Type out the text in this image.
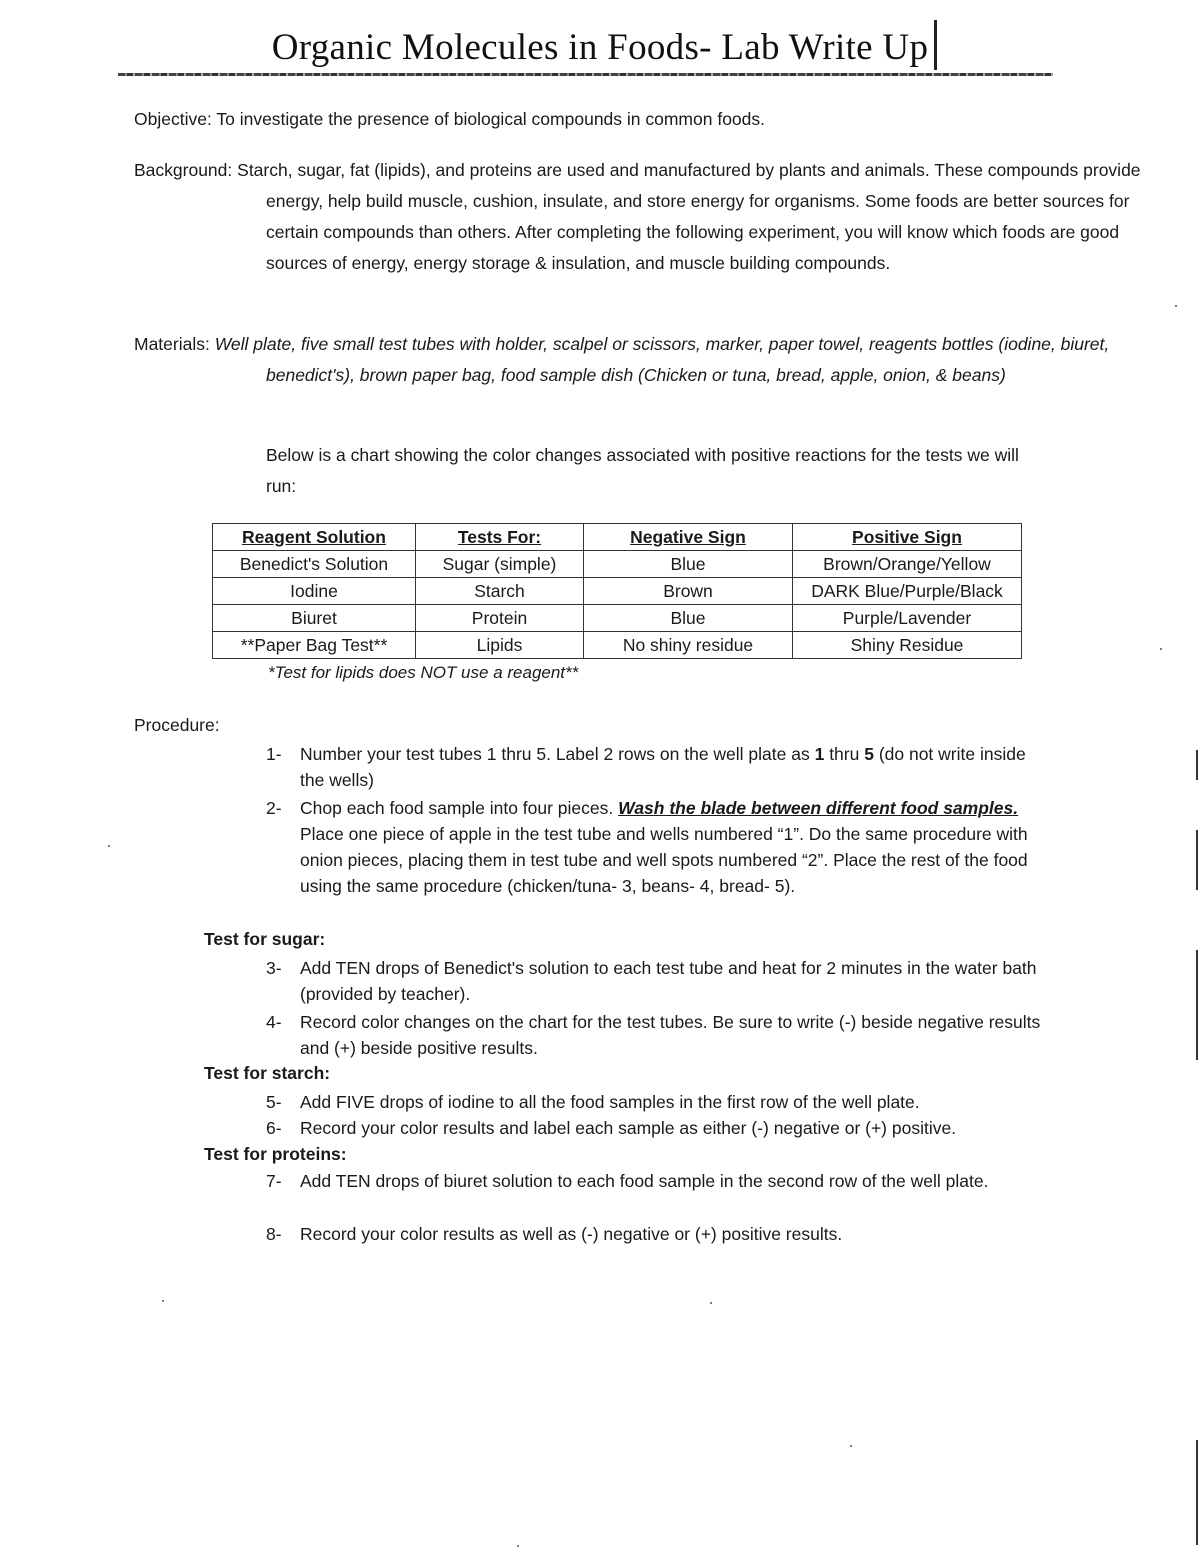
Organic Molecules in Foods- Lab Write Up

Objective: To investigate the presence of biological compounds in common foods.

Background: Starch, sugar, fat (lipids), and proteins are used and manufactured by plants and animals. These compounds provide energy, help build muscle, cushion, insulate, and store energy for organisms. Some foods are better sources for certain compounds than others. After completing the following experiment, you will know which foods are good sources of energy, energy storage & insulation, and muscle building compounds.

Materials: Well plate, five small test tubes with holder, scalpel or scissors, marker, paper towel, reagents bottles (iodine, biuret, benedict's), brown paper bag, food sample dish (Chicken or tuna, bread, apple, onion, & beans)

Below is a chart showing the color changes associated with positive reactions for the tests we will run:

Reagent Solution	Tests For:	Negative Sign	Positive Sign
Benedict's Solution	Sugar (simple)	Blue	Brown/Orange/Yellow
Iodine	Starch	Brown	DARK Blue/Purple/Black
Biuret	Protein	Blue	Purple/Lavender
**Paper Bag Test**	Lipids	No shiny residue	Shiny Residue
*Test for lipids does NOT use a reagent**
Procedure:
1- Number your test tubes 1 thru 5. Label 2 rows on the well plate as 1 thru 5 (do not write inside the wells)
2- Chop each food sample into four pieces. Wash the blade between different food samples. Place one piece of apple in the test tube and wells numbered “1”. Do the same procedure with onion pieces, placing them in test tube and well spots numbered “2”. Place the rest of the food using the same procedure (chicken/tuna- 3, beans- 4, bread- 5).
Test for sugar:
3- Add TEN drops of Benedict's solution to each test tube and heat for 2 minutes in the water bath (provided by teacher).
4- Record color changes on the chart for the test tubes. Be sure to write (-) beside negative results and (+) beside positive results.
Test for starch:
5- Add FIVE drops of iodine to all the food samples in the first row of the well plate.
6- Record your color results and label each sample as either (-) negative or (+) positive.
Test for proteins:
7- Add TEN drops of biuret solution to each food sample in the second row of the well plate.
8- Record your color results as well as (-) negative or (+) positive results.
